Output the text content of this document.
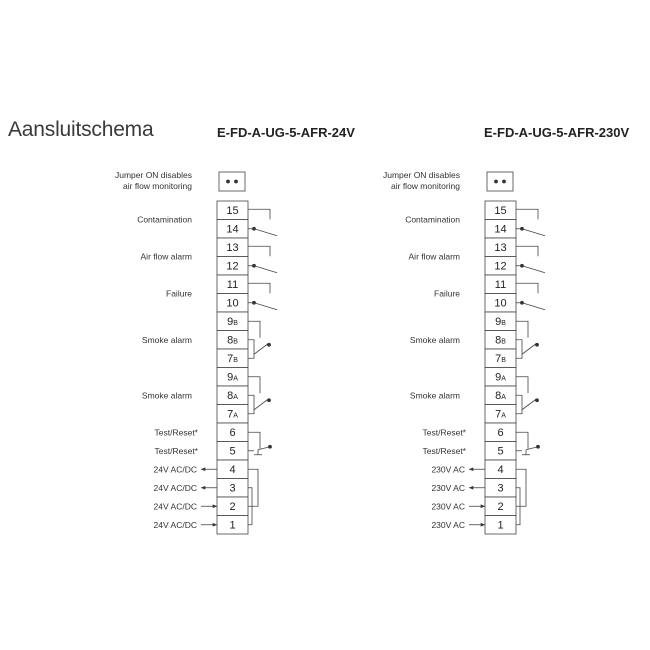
Aansluitschema	E-FD-A-UG-5-AFR-24V	E-FD-A-UG-5-AFR-230V
Jumper ON disables
air flow monitoring
15
14
13
12
11
10
9B
8B
7B
9A
8A
7A
6
5
4
3
2
1
Contamination
Air flow alarm
Failure
Smoke alarm
Smoke alarm
Test/Reset*
Test/Reset*
24V AC/DC
24V AC/DC
24V AC/DC
24V AC/DC
Jumper ON disables
air flow monitoring
15
14
13
12
11
10
9B
8B
7B
9A
8A
7A
6
5
4
3
2
1
Contamination
Air flow alarm
Failure
Smoke alarm
Smoke alarm
Test/Reset*
Test/Reset*
230V AC
230V AC
230V AC
230V AC
